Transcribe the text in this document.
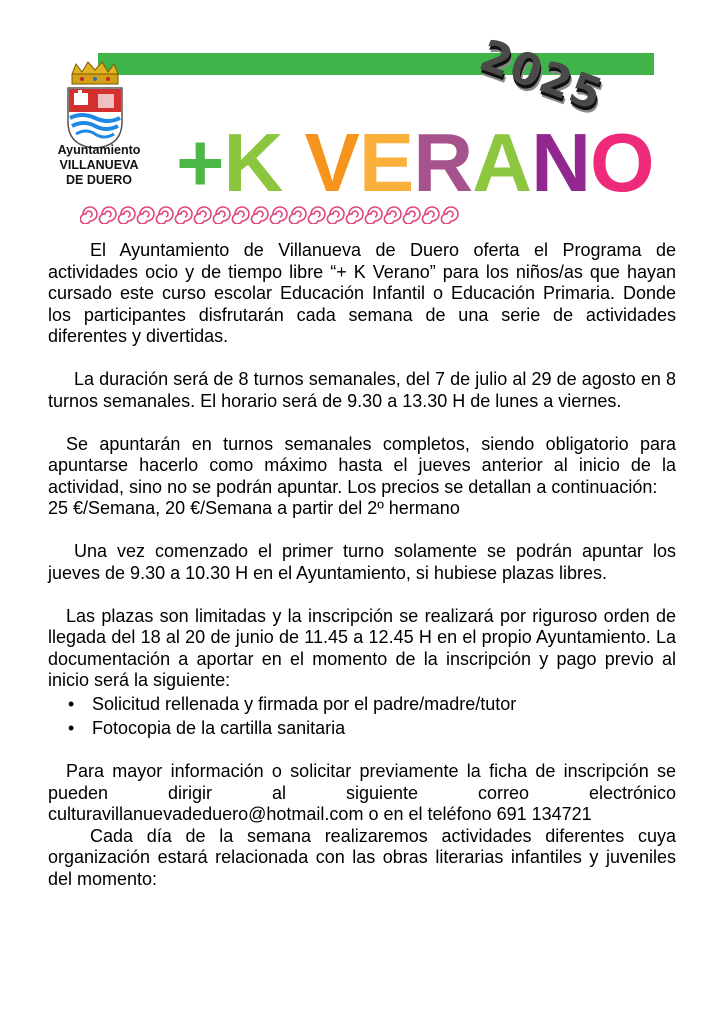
Ayuntamiento
VILLANUEVA
DE DUERO +K VERANO
2025

El Ayuntamiento de Villanueva de Duero oferta el Programa de actividades ocio y de tiempo libre “+ K Verano” para los niños/as que hayan cursado este curso escolar Educación Infantil o Educación Primaria. Donde los participantes disfrutarán cada semana de una serie de actividades diferentes y divertidas.

La duración será de 8 turnos semanales, del 7 de julio al 29 de agosto en 8 turnos semanales. El horario será de 9.30 a 13.30 H de lunes a viernes.

Se apuntarán en turnos semanales completos, siendo obligatorio para apuntarse hacerlo como máximo hasta el jueves anterior al inicio de la actividad, sino no se podrán apuntar. Los precios se detallan a continuación:

25 €/Semana, 20 €/Semana a partir del 2º hermano

Una vez comenzado el primer turno solamente se podrán apuntar los jueves de 9.30 a 10.30 H en el Ayuntamiento, si hubiese plazas libres.

Las plazas son limitadas y la inscripción se realizará por riguroso orden de llegada del 18 al 20 de junio de 11.45 a 12.45 H en el propio Ayuntamiento. La documentación a aportar en el momento de la inscripción y pago previo al inicio será la siguiente:

• Solicitud rellenada y firmada por el padre/madre/tutor
• Fotocopia de la cartilla sanitaria

Para mayor información o solicitar previamente la ficha de inscripción se pueden dirigir al siguiente correo electrónico culturavillanuevadeduero@hotmail.com o en el teléfono 691 134721

Cada día de la semana realizaremos actividades diferentes cuya organización estará relacionada con las obras literarias infantiles y juveniles del momento:
